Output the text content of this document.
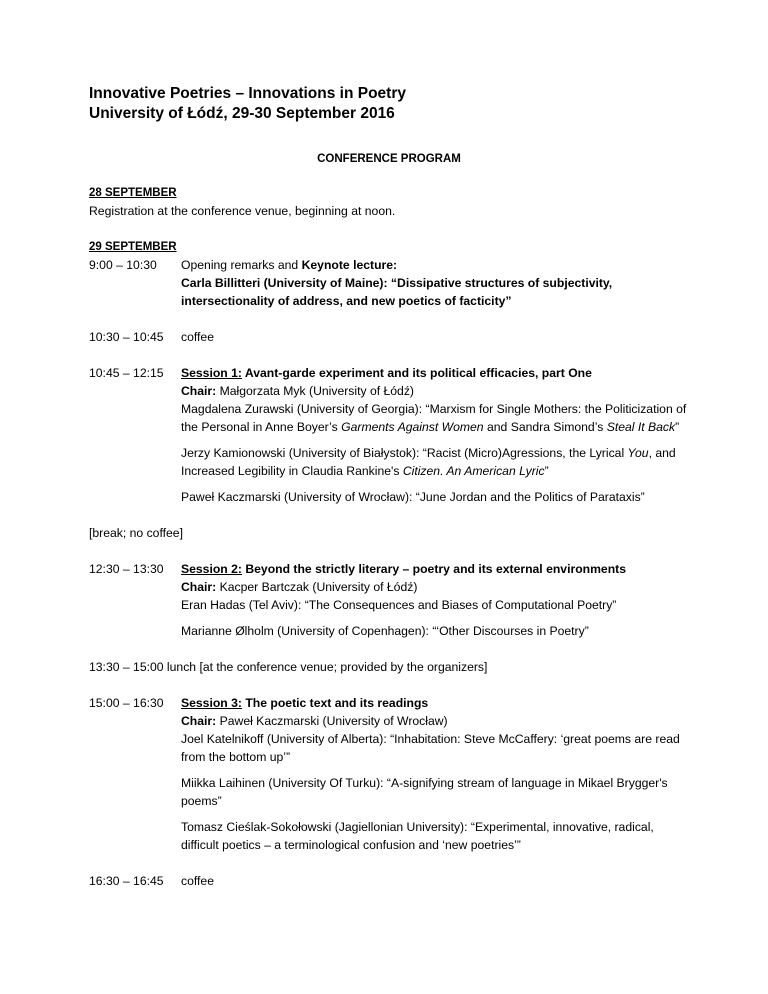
Innovative Poetries – Innovations in Poetry
University of Łódź, 29-30 September 2016
CONFERENCE PROGRAM
28 SEPTEMBER
Registration at the conference venue, beginning at noon.
29 SEPTEMBER
9:00 – 10:30	Opening remarks and Keynote lecture:
Carla Billitteri (University of Maine): “Dissipative structures of subjectivity, intersectionality of address, and new poetics of facticity”
10:30 – 10:45	coffee
10:45 – 12:15	Session 1: Avant-garde experiment and its political efficacies, part One
Chair: Małgorzata Myk (University of Łódź)
Magdalena Zurawski (University of Georgia): “Marxism for Single Mothers: the Politicization of the Personal in Anne Boyer’s Garments Against Women and Sandra Simond’s Steal It Back”
Jerzy Kamionowski (University of Białystok): “Racist (Micro)Agressions, the Lyrical You, and Increased Legibility in Claudia Rankine's Citizen. An American Lyric”
Paweł Kaczmarski (University of Wrocław): “June Jordan and the Politics of Parataxis”
[break; no coffee]
12:30 – 13:30	Session 2: Beyond the strictly literary – poetry and its external environments
Chair: Kacper Bartczak (University of Łódź)
Eran Hadas (Tel Aviv): “The Consequences and Biases of Computational Poetry”
Marianne Ølholm (University of Copenhagen): “‘Other Discourses in Poetry”
13:30 – 15:00 lunch [at the conference venue; provided by the organizers]
15:00 – 16:30	Session 3: The poetic text and its readings
Chair: Paweł Kaczmarski (University of Wrocław)
Joel Katelnikoff (University of Alberta): “Inhabitation: Steve McCaffery: ‘great poems are read from the bottom up’”
Miikka Laihinen (University Of Turku): “A-signifying stream of language in Mikael Brygger's poems”
Tomasz Cieślak-Sokołowski (Jagiellonian University): “Experimental, innovative, radical, difficult poetics – a terminological confusion and ‘new poetries’”
16:30 – 16:45	coffee
